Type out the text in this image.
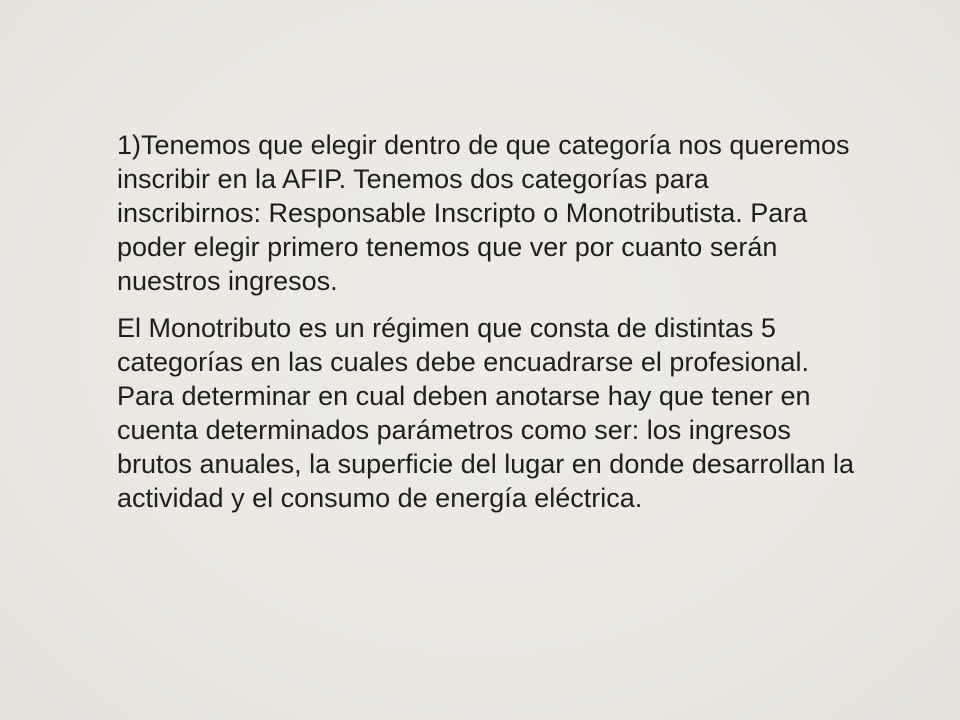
1)Tenemos que elegir dentro de que categoría nos queremos inscribir en la AFIP. Tenemos dos categorías para inscribirnos: Responsable Inscripto o Monotributista. Para poder elegir primero tenemos que ver por cuanto serán nuestros ingresos.

El Monotributo es un régimen que consta de distintas 5 categorías en las cuales debe encuadrarse el profesional. Para determinar en cual deben anotarse hay que tener en cuenta determinados parámetros como ser: los ingresos brutos anuales, la superficie del lugar en donde desarrollan la actividad y el consumo de energía eléctrica.
